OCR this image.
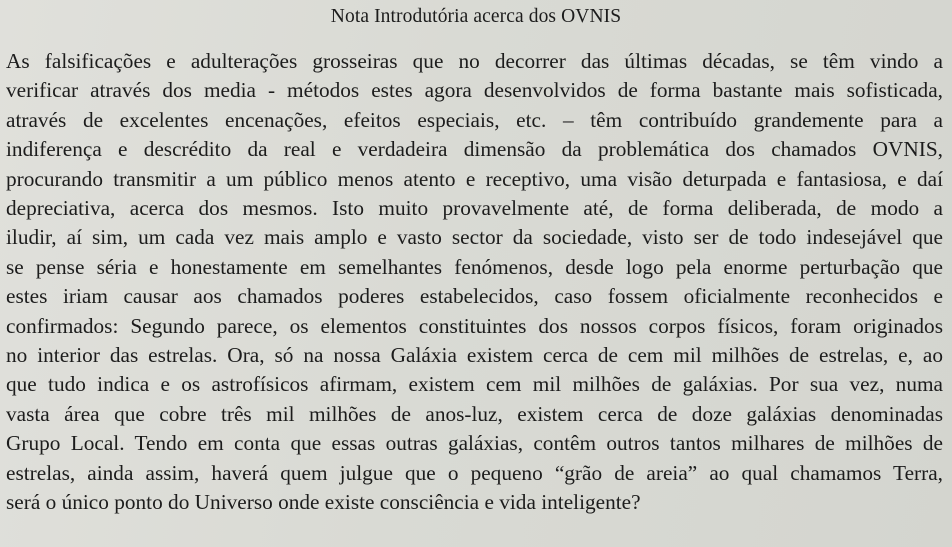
Nota Introdutória acerca dos OVNIS
As falsificações e adulterações grosseiras que no decorrer das últimas décadas, se têm vindo a
verificar através dos media - métodos estes agora desenvolvidos de forma bastante mais sofisticada,
através de excelentes encenações, efeitos especiais, etc. – têm contribuído grandemente para a
indiferença e descrédito da real e verdadeira dimensão da problemática dos chamados OVNIS,
procurando transmitir a um público menos atento e receptivo, uma visão deturpada e fantasiosa, e daí
depreciativa, acerca dos mesmos. Isto muito provavelmente até, de forma deliberada, de modo a
iludir, aí sim, um cada vez mais amplo e vasto sector da sociedade, visto ser de todo indesejável que
se pense séria e honestamente em semelhantes fenómenos, desde logo pela enorme perturbação que
estes iriam causar aos chamados poderes estabelecidos, caso fossem oficialmente reconhecidos e
confirmados: Segundo parece, os elementos constituintes dos nossos corpos físicos, foram originados
no interior das estrelas. Ora, só na nossa Galáxia existem cerca de cem mil milhões de estrelas, e, ao
que tudo indica e os astrofísicos afirmam, existem cem mil milhões de galáxias. Por sua vez, numa
vasta área que cobre três mil milhões de anos-luz, existem cerca de doze galáxias denominadas
Grupo Local. Tendo em conta que essas outras galáxias, contêm outros tantos milhares de milhões de
estrelas, ainda assim, haverá quem julgue que o pequeno “grão de areia” ao qual chamamos Terra,
será o único ponto do Universo onde existe consciência e vida inteligente?
